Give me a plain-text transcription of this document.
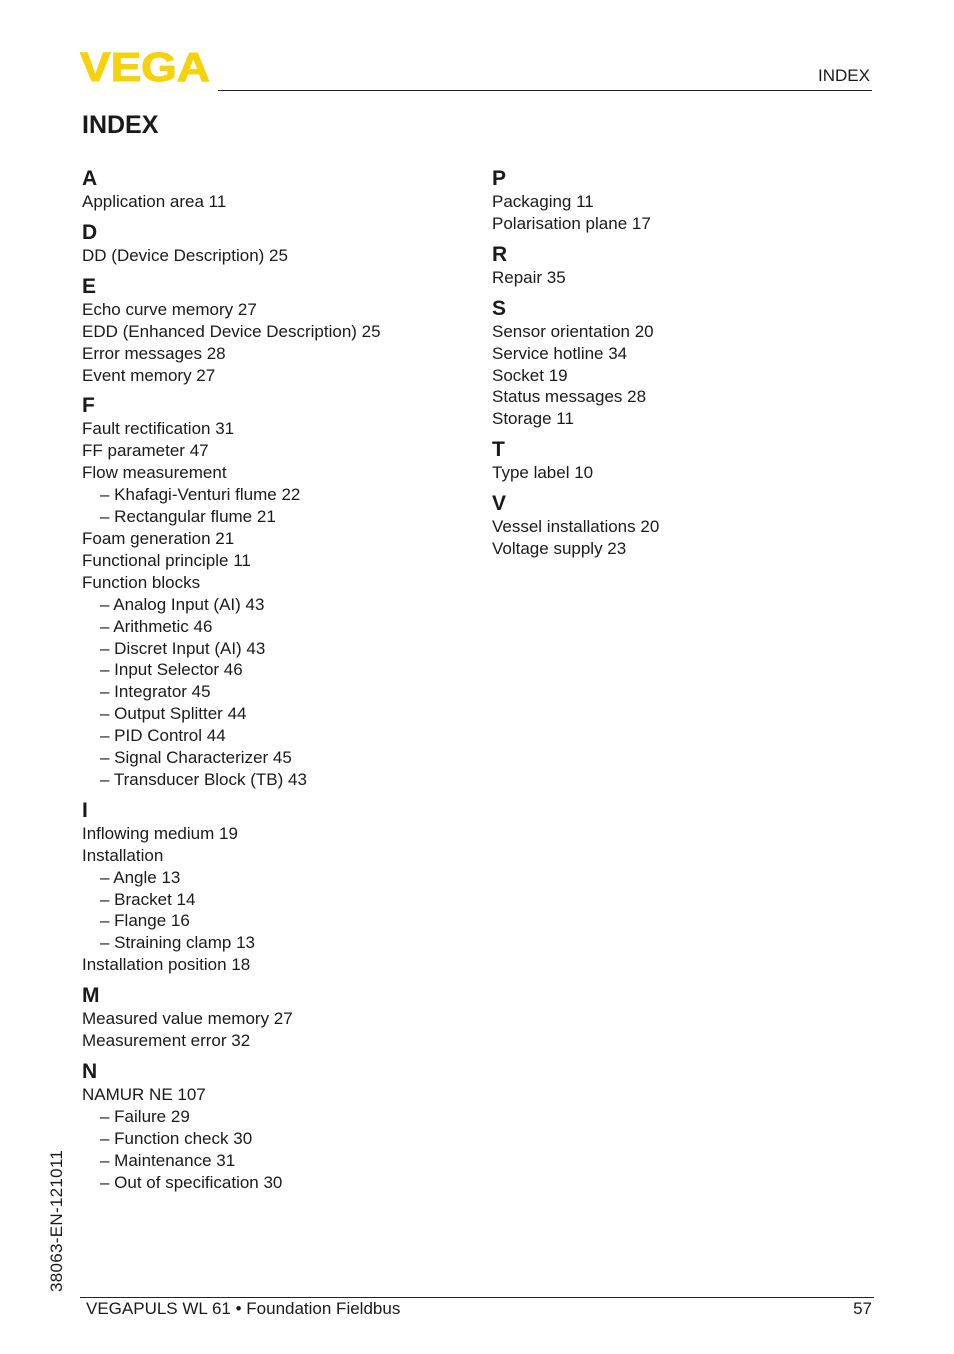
VEGA	INDEX
INDEX
A
Application area 11
D
DD (Device Description) 25
E
Echo curve memory 27
EDD (Enhanced Device Description) 25
Error messages 28
Event memory 27
F
Fault rectification 31
FF parameter 47
Flow measurement
– Khafagi-Venturi flume 22
– Rectangular flume 21
Foam generation 21
Functional principle 11
Function blocks
– Analog Input (AI) 43
– Arithmetic 46
– Discret Input (AI) 43
– Input Selector 46
– Integrator 45
– Output Splitter 44
– PID Control 44
– Signal Characterizer 45
– Transducer Block (TB) 43
I
Inflowing medium 19
Installation
– Angle 13
– Bracket 14
– Flange 16
– Straining clamp 13
Installation position 18
M
Measured value memory 27
Measurement error 32
N
NAMUR NE 107
– Failure 29
– Function check 30
– Maintenance 31
– Out of specification 30
P
Packaging 11
Polarisation plane 17
R
Repair 35
S
Sensor orientation 20
Service hotline 34
Socket 19
Status messages 28
Storage 11
T
Type label 10
V
Vessel installations 20
Voltage supply 23
38063-EN-121011
VEGAPULS WL 61 • Foundation Fieldbus	57
